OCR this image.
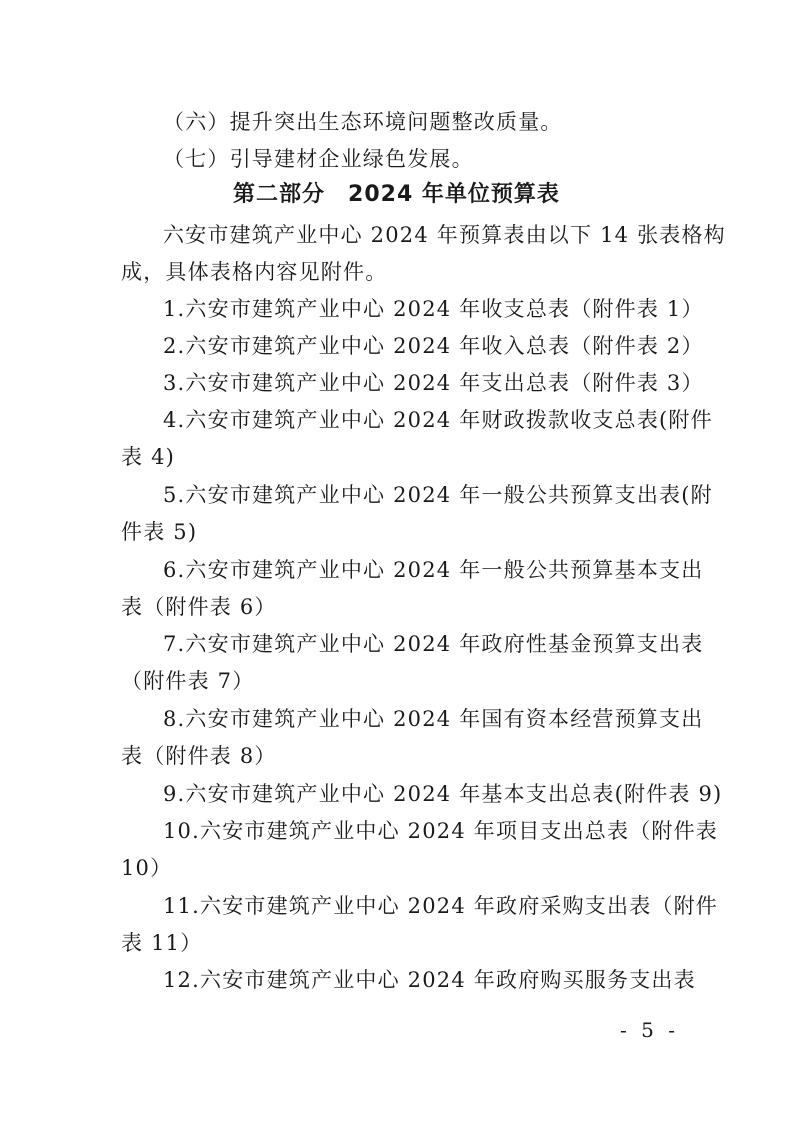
（六）提升突出生态环境问题整改质量。
（七）引导建材企业绿色发展。
第二部分　2024 年单位预算表
六安市建筑产业中心 2024 年预算表由以下 14 张表格构
成，具体表格内容见附件。
1.六安市建筑产业中心 2024 年收支总表（附件表 1）
2.六安市建筑产业中心 2024 年收入总表（附件表 2）
3.六安市建筑产业中心 2024 年支出总表（附件表 3）
4.六安市建筑产业中心 2024 年财政拨款收支总表(附件
表 4)
5.六安市建筑产业中心 2024 年一般公共预算支出表(附
件表 5)
6.六安市建筑产业中心 2024 年一般公共预算基本支出
表（附件表 6）
7.六安市建筑产业中心 2024 年政府性基金预算支出表
（附件表 7）
8.六安市建筑产业中心 2024 年国有资本经营预算支出
表（附件表 8）
9.六安市建筑产业中心 2024 年基本支出总表(附件表 9)
10.六安市建筑产业中心 2024 年项目支出总表（附件表
10）
11.六安市建筑产业中心 2024 年政府采购支出表（附件
表 11）
12.六安市建筑产业中心 2024 年政府购买服务支出表
- 5 -
